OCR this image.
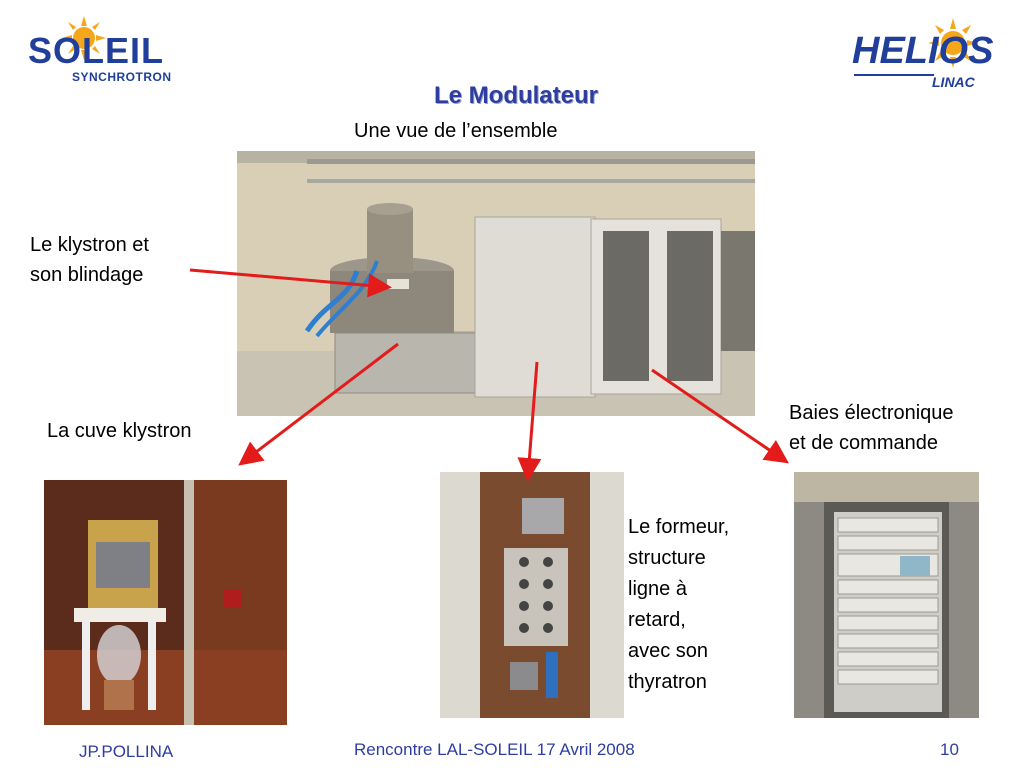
SOLEIL
SYNCHROTRON
HELIOS
LINAC
Le Modulateur
Une vue de l’ensemble
Le klystron et
son blindage
La cuve klystron
Baies électronique
et de commande
Le formeur,
structure
ligne à
retard,
avec son
thyratron
JP.POLLINA	Rencontre LAL-SOLEIL 17 Avril 2008	10
